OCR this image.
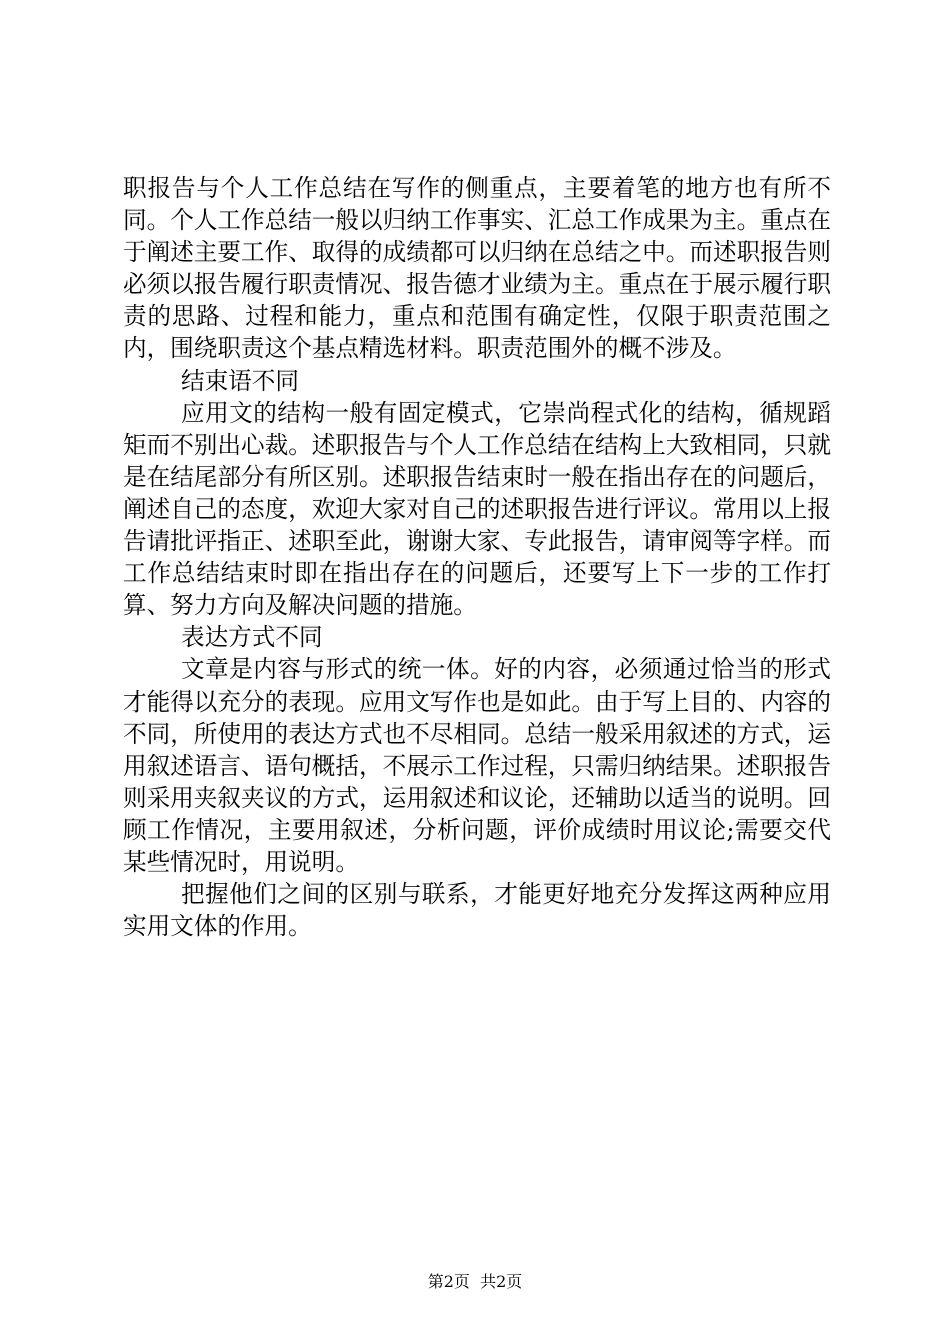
职报告与个人工作总结在写作的侧重点，主要着笔的地方也有所不同。个人工作总结一般以归纳工作事实、汇总工作成果为主。重点在于阐述主要工作、取得的成绩都可以归纳在总结之中。而述职报告则必须以报告履行职责情况、报告德才业绩为主。重点在于展示履行职责的思路、过程和能力，重点和范围有确定性，仅限于职责范围之内，围绕职责这个基点精选材料。职责范围外的概不涉及。

结束语不同

应用文的结构一般有固定模式，它崇尚程式化的结构，循规蹈矩而不别出心裁。述职报告与个人工作总结在结构上大致相同，只就是在结尾部分有所区别。述职报告结束时一般在指出存在的问题后，阐述自己的态度，欢迎大家对自己的述职报告进行评议。常用以上报告请批评指正、述职至此，谢谢大家、专此报告，请审阅等字样。而工作总结结束时即在指出存在的问题后，还要写上下一步的工作打算、努力方向及解决问题的措施。

表达方式不同

文章是内容与形式的统一体。好的内容，必须通过恰当的形式才能得以充分的表现。应用文写作也是如此。由于写上目的、内容的不同，所使用的表达方式也不尽相同。总结一般采用叙述的方式，运用叙述语言、语句概括，不展示工作过程，只需归纳结果。述职报告则采用夹叙夹议的方式，运用叙述和议论，还辅助以适当的说明。回顾工作情况，主要用叙述，分析问题，评价成绩时用议论;需要交代某些情况时，用说明。

把握他们之间的区别与联系，才能更好地充分发挥这两种应用实用文体的作用。

第2页  共2页
